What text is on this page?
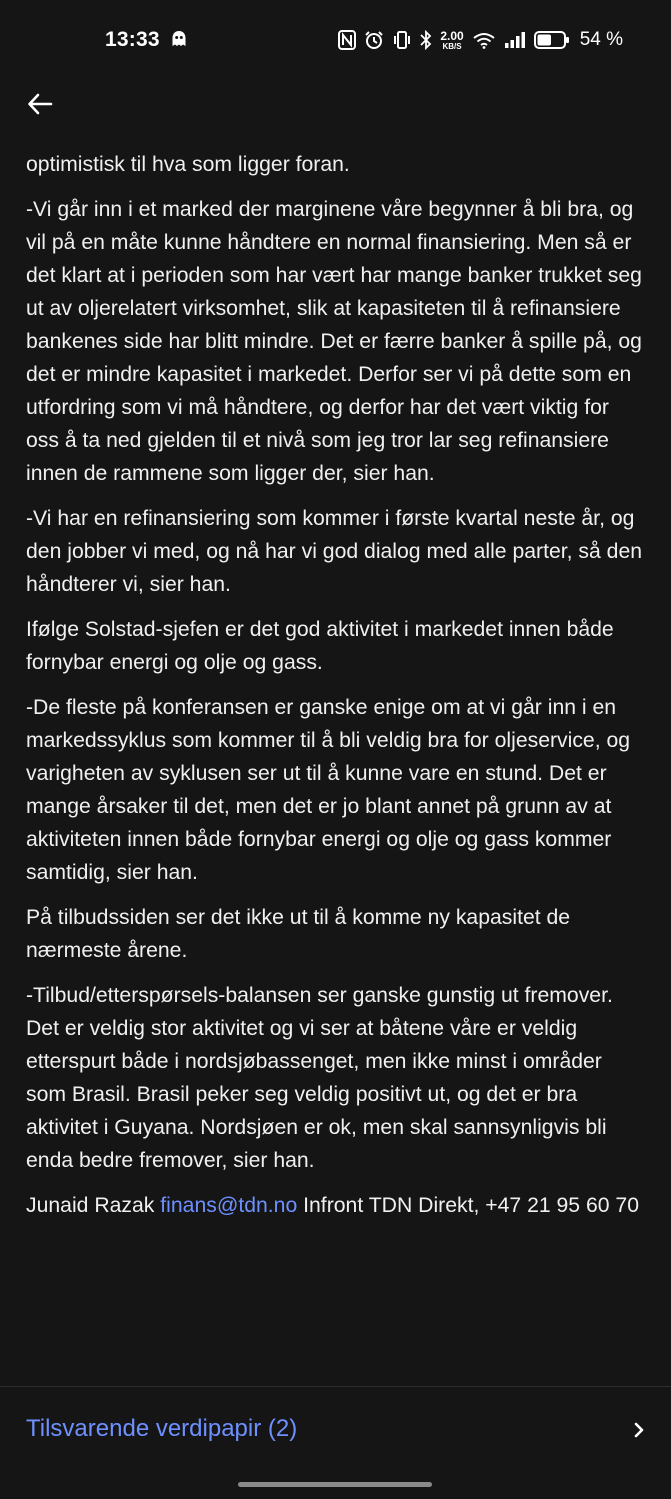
13:33	2.00
KB/S	54 %

optimistisk til hva som ligger foran.

-Vi går inn i et marked der marginene våre begynner å bli bra, og vil på en måte kunne håndtere en normal finansiering. Men så er det klart at i perioden som har vært har mange banker trukket seg ut av oljerelatert virksomhet, slik at kapasiteten til å refinansiere bankenes side har blitt mindre. Det er færre banker å spille på, og det er mindre kapasitet i markedet. Derfor ser vi på dette som en utfordring som vi må håndtere, og derfor har det vært viktig for oss å ta ned gjelden til et nivå som jeg tror lar seg refinansiere innen de rammene som ligger der, sier han.

-Vi har en refinansiering som kommer i første kvartal neste år, og den jobber vi med, og nå har vi god dialog med alle parter, så den håndterer vi, sier han.

Ifølge Solstad-sjefen er det god aktivitet i markedet innen både fornybar energi og olje og gass.

-De fleste på konferansen er ganske enige om at vi går inn i en markedssyklus som kommer til å bli veldig bra for oljeservice, og varigheten av syklusen ser ut til å kunne vare en stund. Det er mange årsaker til det, men det er jo blant annet på grunn av at aktiviteten innen både fornybar energi og olje og gass kommer samtidig, sier han.

På tilbudssiden ser det ikke ut til å komme ny kapasitet de nærmeste årene.

-Tilbud/etterspørsels-balansen ser ganske gunstig ut fremover. Det er veldig stor aktivitet og vi ser at båtene våre er veldig etterspurt både i nordsjøbassenget, men ikke minst i områder som Brasil. Brasil peker seg veldig positivt ut, og det er bra aktivitet i Guyana. Nordsjøen er ok, men skal sannsynligvis bli enda bedre fremover, sier han.

Junaid Razak finans@tdn.no Infront TDN Direkt, +47 21 95 60 70

Tilsvarende verdipapir (2)
